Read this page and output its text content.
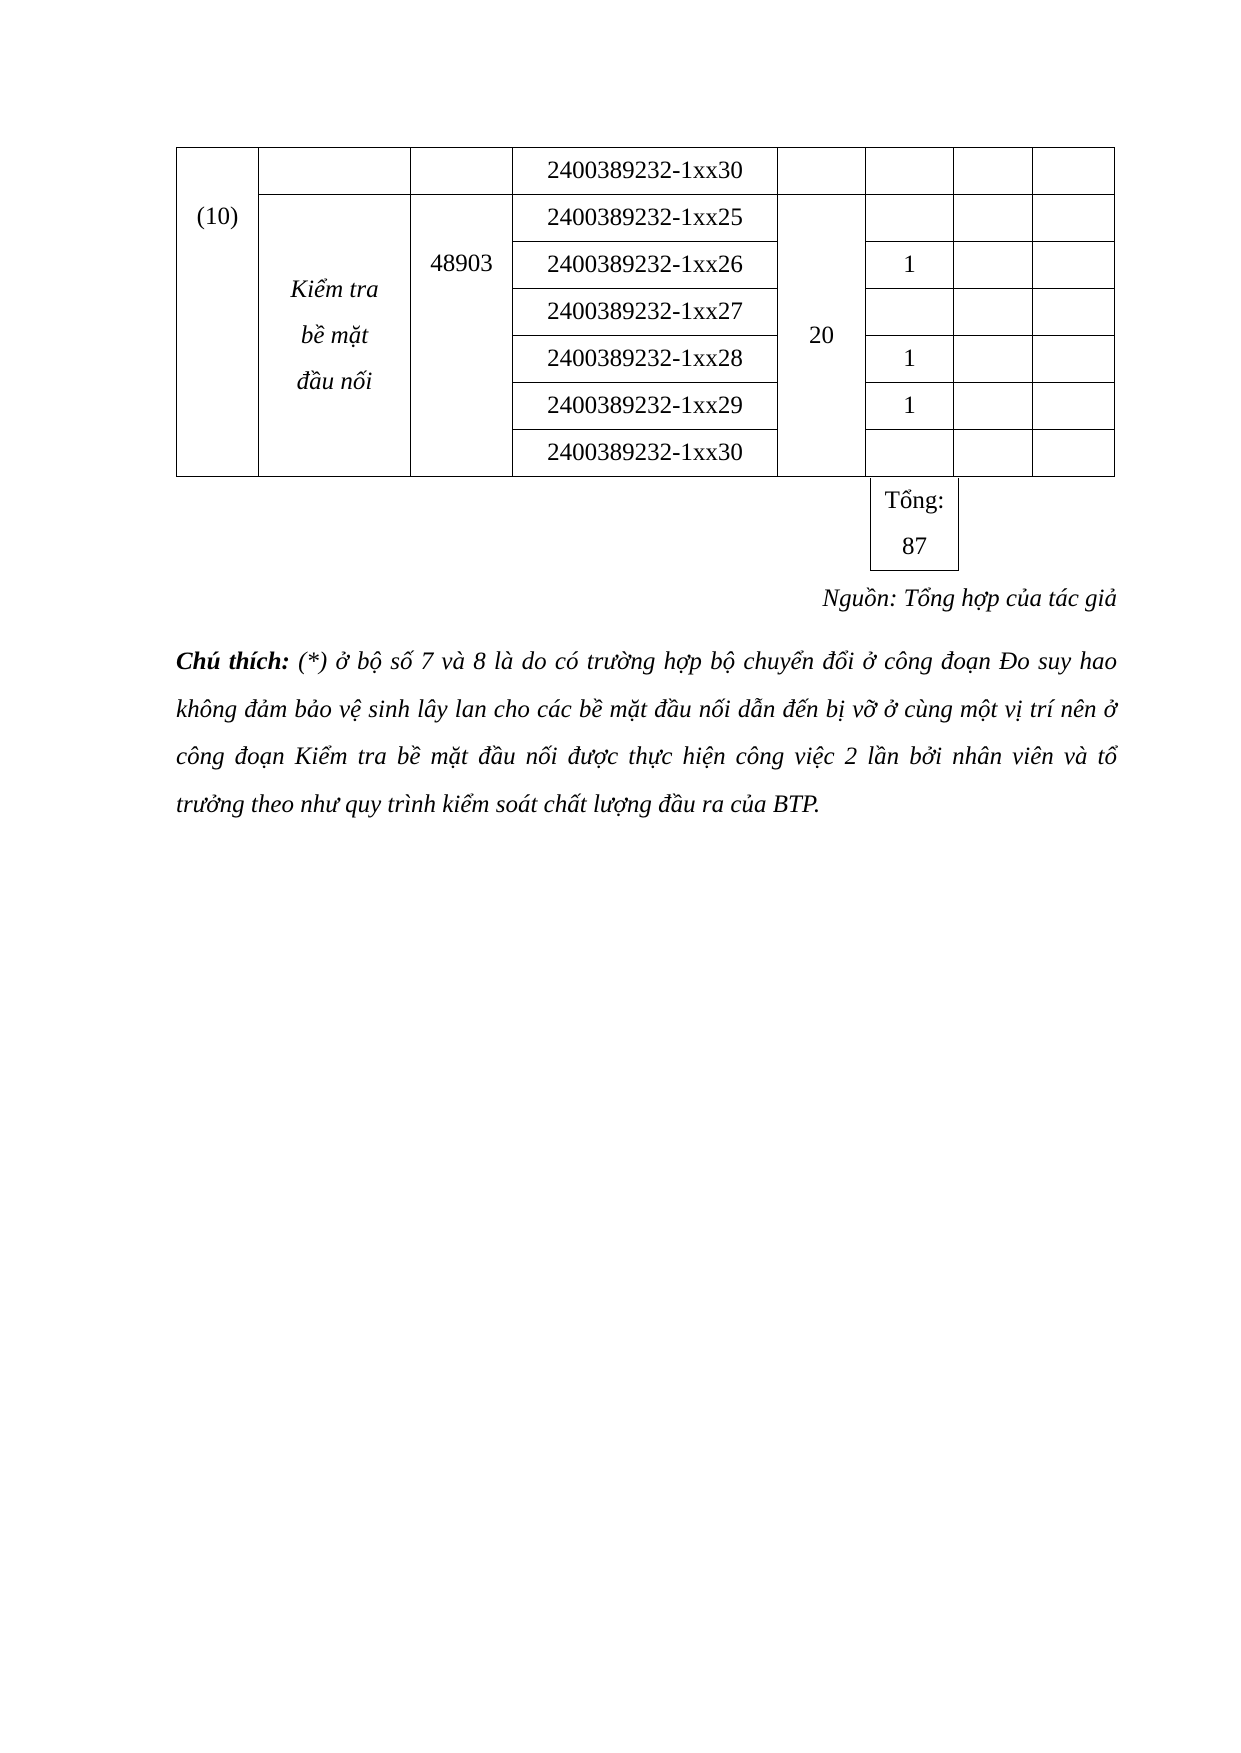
(10)			2400389232-1xx30				

	Kiểm tra
bề mặt
đầu nối	48903	2400389232-1xx25	20			
			2400389232-1xx26		1		
			2400389232-1xx27				
			2400389232-1xx28		1		
			2400389232-1xx29		1		
			2400389232-1xx30				
Tổng:
87
Nguồn: Tổng hợp của tác giả
Chú thích: (*) ở bộ số 7 và 8 là do có trường hợp bộ chuyển đổi ở công đoạn Đo suy hao không đảm bảo vệ sinh lây lan cho các bề mặt đầu nối dẫn đến bị vỡ ở cùng một vị trí nên ở công đoạn Kiểm tra bề mặt đầu nối được thực hiện công việc 2 lần bởi nhân viên và tổ trưởng theo như quy trình kiểm soát chất lượng đầu ra của BTP.
